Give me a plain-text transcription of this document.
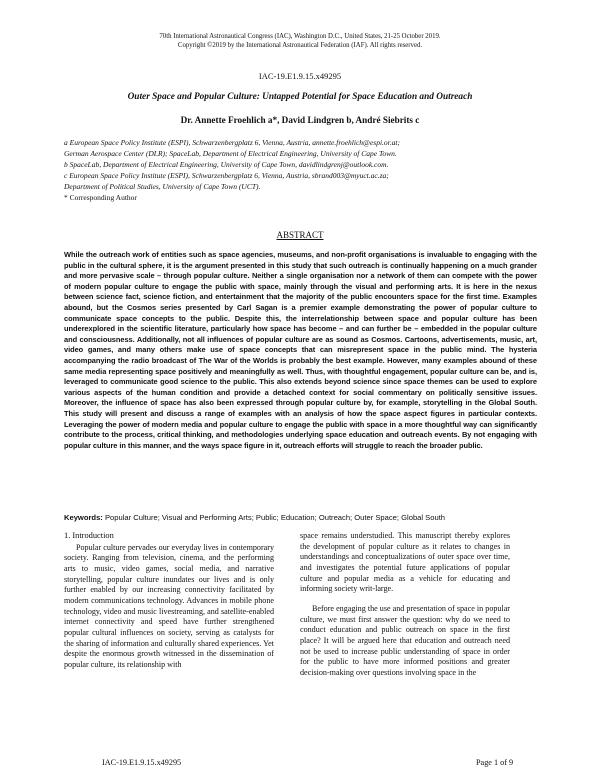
70th International Astronautical Congress (IAC), Washington D.C., United States, 21-25 October 2019.
Copyright ©2019 by the International Astronautical Federation (IAF). All rights reserved.
IAC-19.E1.9.15.x49295
Outer Space and Popular Culture: Untapped Potential for Space Education and Outreach
Dr. Annette Froehlich a*, David Lindgren b, André Siebrits c
a European Space Policy Institute (ESPI), Schwarzenbergplatz 6, Vienna, Austria, annette.froehlich@espi.or.at;
German Aerospace Center (DLR); SpaceLab, Department of Electrical Engineering, University of Cape Town.
b SpaceLab, Department of Electrical Engineering, University of Cape Town, davidlindgrenj@outlook.com.
c European Space Policy Institute (ESPI), Schwarzenbergplatz 6, Vienna, Austria, sbrand003@myuct.ac.za;
Department of Political Studies, University of Cape Town (UCT).
* Corresponding Author
ABSTRACT
While the outreach work of entities such as space agencies, museums, and non-profit organisations is invaluable to engaging with the public in the cultural sphere, it is the argument presented in this study that such outreach is continually happening on a much grander and more pervasive scale – through popular culture. Neither a single organisation nor a network of them can compete with the power of modern popular culture to engage the public with space, mainly through the visual and performing arts. It is here in the nexus between science fact, science fiction, and entertainment that the majority of the public encounters space for the first time. Examples abound, but the Cosmos series presented by Carl Sagan is a premier example demonstrating the power of popular culture to communicate space concepts to the public. Despite this, the interrelationship between space and popular culture has been underexplored in the scientific literature, particularly how space has become – and can further be – embedded in the popular culture and consciousness. Additionally, not all influences of popular culture are as sound as Cosmos. Cartoons, advertisements, music, art, video games, and many others make use of space concepts that can misrepresent space in the public mind. The hysteria accompanying the radio broadcast of The War of the Worlds is probably the best example. However, many examples abound of these same media representing space positively and meaningfully as well. Thus, with thoughtful engagement, popular culture can be, and is, leveraged to communicate good science to the public. This also extends beyond science since space themes can be used to explore various aspects of the human condition and provide a detached context for social commentary on politically sensitive issues. Moreover, the influence of space has also been expressed through popular culture by, for example, storytelling in the Global South. This study will present and discuss a range of examples with an analysis of how the space aspect figures in particular contexts. Leveraging the power of modern media and popular culture to engage the public with space in a more thoughtful way can significantly contribute to the process, critical thinking, and methodologies underlying space education and outreach events. By not engaging with popular culture in this manner, and the ways space figure in it, outreach efforts will struggle to reach the broader public.
Keywords: Popular Culture; Visual and Performing Arts; Public; Education; Outreach; Outer Space; Global South
1. Introduction

Popular culture pervades our everyday lives in contemporary society. Ranging from television, cinema, and the performing arts to music, video games, social media, and narrative storytelling, popular culture inundates our lives and is only further enabled by our increasing connectivity facilitated by modern communications technology. Advances in mobile phone technology, video and music livestreaming, and satellite-enabled internet connectivity and speed have further strengthened popular cultural influences on society, serving as catalysts for the sharing of information and culturally shared experiences. Yet despite the enormous growth witnessed in the dissemination of popular culture, its relationship with

space remains understudied. This manuscript thereby explores the development of popular culture as it relates to changes in understandings and conceptualizations of outer space over time, and investigates the potential future applications of popular culture and popular media as a vehicle for educating and informing society writ-large.

Before engaging the use and presentation of space in popular culture, we must first answer the question: why do we need to conduct education and public outreach on space in the first place? It will be argued here that education and outreach need not be used to increase public understanding of space in order for the public to have more informed positions and greater decision-making over questions involving space in the

IAC-19.E1.9.15.x49295	Page 1 of 9
